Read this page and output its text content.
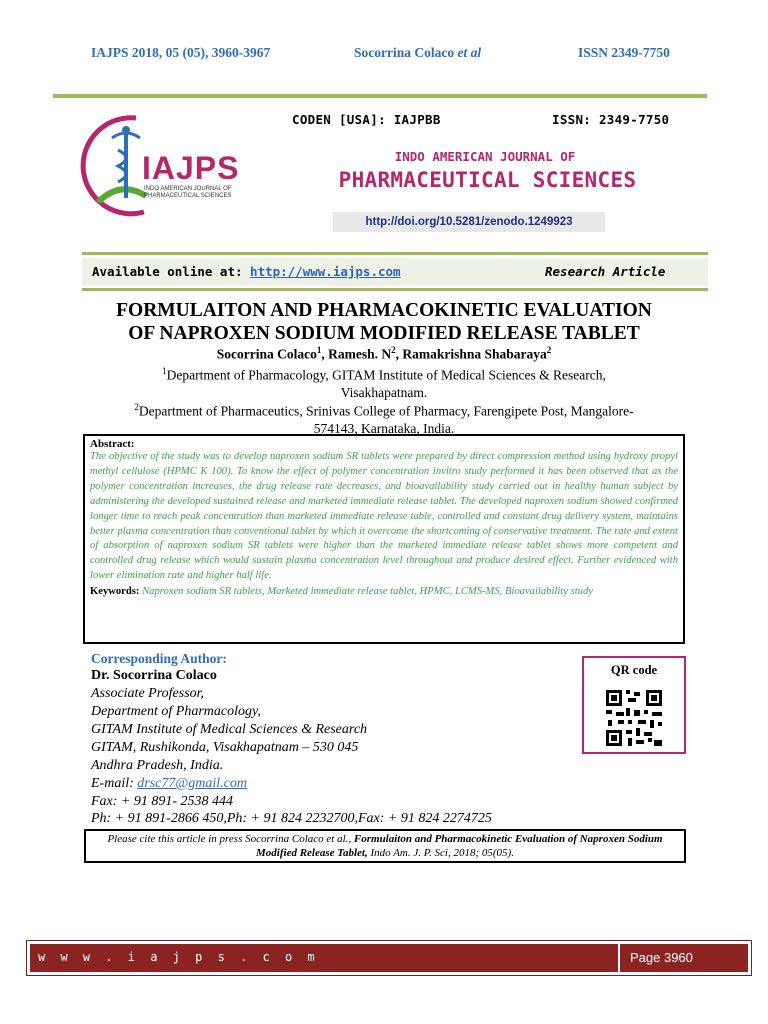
IAJPS 2018, 05 (05), 3960-3967	Socorrina Colaco et al	ISSN 2349-7750
IAJPS
INDO AMERICAN JOURNAL OF
PHARMACEUTICAL SCIENCES
CODEN [USA]: IAJPBB	ISSN: 2349-7750
INDO AMERICAN JOURNAL OF
PHARMACEUTICAL SCIENCES
http://doi.org/10.5281/zenodo.1249923
Available online at: http://www.iajps.com	Research Article
FORMULAITON AND PHARMACOKINETIC EVALUATION
OF NAPROXEN SODIUM MODIFIED RELEASE TABLET
Socorrina Colaco$^1$, Ramesh. $N^2$, Ramakrishna Shabaraya$^2$
$^1$Department of Pharmacology, GITAM Institute of Medical Sciences & Research,
Visakhapatnam.
$^2$Department of Pharmaceutics, Srinivas College of Pharmacy, Farengipete Post, Mangalore-
574143, Karnataka, India.
Abstract:
The objective of the study was to develop naproxen sodium SR tablets were prepared by direct compression method using hydroxy propyl methyl cellulose (HPMC K 100). To know the effect of polymer concentration invitro study performed it has been observed that as the polymer concentration increases, the drug release rate decreases, and bioavailability study carried out in healthy human subject by administering the developed sustained release and marketed immediate release tablet. The developed naproxen sodium showed confirmed longer time to reach peak concentration than marketed immediate release table, controlled and constant drug delivery system, maintains better plasma concentration than conventional tablet by which it overcome the shortcoming of conservative treatment. The rate and extent of absorption of naproxen sodium SR tablets were higher than the marketed immediate release tablet shows more competent and controlled drug release which would sustain plasma concentration level throughout and produce desired effect. Further evidenced with lower elimination rate and higher half life.
Keywords: Naproxen sodium SR tablets, Marketed immediate release tablet, HPMC, LCMS-MS, Bioavailability study
Corresponding Author:
Dr. Socorrina Colaco
Associate Professor,
Department of Pharmacology,
GITAM Institute of Medical Sciences & Research
GITAM, Rushikonda, Visakhapatnam – 530 045
Andhra Pradesh, India.
E-mail: drsc77@gmail.com
Fax: + 91 891- 2538 444
Ph: + 91 891-2866 450,Ph: + 91 824 2232700,Fax: + 91 824 2274725
QR code
Please cite this article in press Socorrina Colaco et al., Formulaiton and Pharmacokinetic Evaluation of Naproxen Sodium Modified Release Tablet, Indo Am. J. P. Sci, 2018; 05(05).
w w w . i a j p s . c o m	Page 3960
